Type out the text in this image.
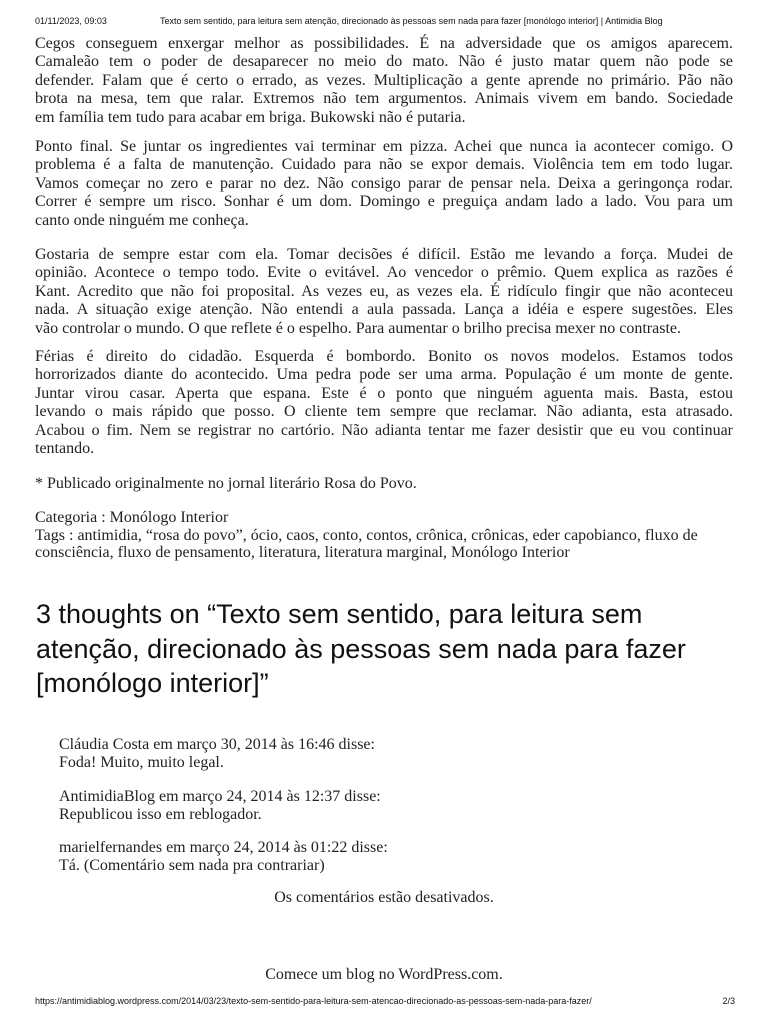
01/11/2023, 09:03	Texto sem sentido, para leitura sem atenção, direcionado às pessoas sem nada para fazer [monólogo interior] | Antimidia Blog
Cegos conseguem enxergar melhor as possibilidades. É na adversidade que os amigos aparecem.
Camaleão tem o poder de desaparecer no meio do mato. Não é justo matar quem não pode se
defender. Falam que é certo o errado, as vezes. Multiplicação a gente aprende no primário. Pão não
brota na mesa, tem que ralar. Extremos não tem argumentos. Animais vivem em bando. Sociedade
em família tem tudo para acabar em briga. Bukowski não é putaria.
Ponto final. Se juntar os ingredientes vai terminar em pizza. Achei que nunca ia acontecer comigo. O
problema é a falta de manutenção. Cuidado para não se expor demais. Violência tem em todo lugar.
Vamos começar no zero e parar no dez. Não consigo parar de pensar nela. Deixa a geringonça rodar.
Correr é sempre um risco. Sonhar é um dom. Domingo e preguiça andam lado a lado. Vou para um
canto onde ninguém me conheça.
Gostaria de sempre estar com ela. Tomar decisões é difícil. Estão me levando a força. Mudei de
opinião. Acontece o tempo todo. Evite o evitável. Ao vencedor o prêmio. Quem explica as razões é
Kant. Acredito que não foi proposital. As vezes eu, as vezes ela. É ridículo fingir que não aconteceu
nada. A situação exige atenção. Não entendi a aula passada. Lança a idéia e espere sugestões. Eles
vão controlar o mundo. O que reflete é o espelho. Para aumentar o brilho precisa mexer no contraste.
Férias é direito do cidadão. Esquerda é bombordo. Bonito os novos modelos. Estamos todos
horrorizados diante do acontecido. Uma pedra pode ser uma arma. População é um monte de gente.
Juntar virou casar. Aperta que espana. Este é o ponto que ninguém aguenta mais. Basta, estou
levando o mais rápido que posso. O cliente tem sempre que reclamar. Não adianta, esta atrasado.
Acabou o fim. Nem se registrar no cartório. Não adianta tentar me fazer desistir que eu vou continuar
tentando.
* Publicado originalmente no jornal literário Rosa do Povo.
Categoria : Monólogo Interior
Tags : antimidia, “rosa do povo”, ócio, caos, conto, contos, crônica, crônicas, eder capobianco, fluxo de consciência, fluxo de pensamento, literatura, literatura marginal, Monólogo Interior
3 thoughts on “Texto sem sentido, para leitura sem atenção, direcionado às pessoas sem nada para fazer [monólogo interior]”
Cláudia Costa em março 30, 2014 às 16:46 disse:
Foda! Muito, muito legal.
AntimidiaBlog em março 24, 2014 às 12:37 disse:
Republicou isso em reblogador.
marielfernandes em março 24, 2014 às 01:22 disse:
Tá. (Comentário sem nada pra contrariar)
Os comentários estão desativados.
Comece um blog no WordPress.com.
https://antimidiablog.wordpress.com/2014/03/23/texto-sem-sentido-para-leitura-sem-atencao-direcionado-as-pessoas-sem-nada-para-fazer/	2/3
